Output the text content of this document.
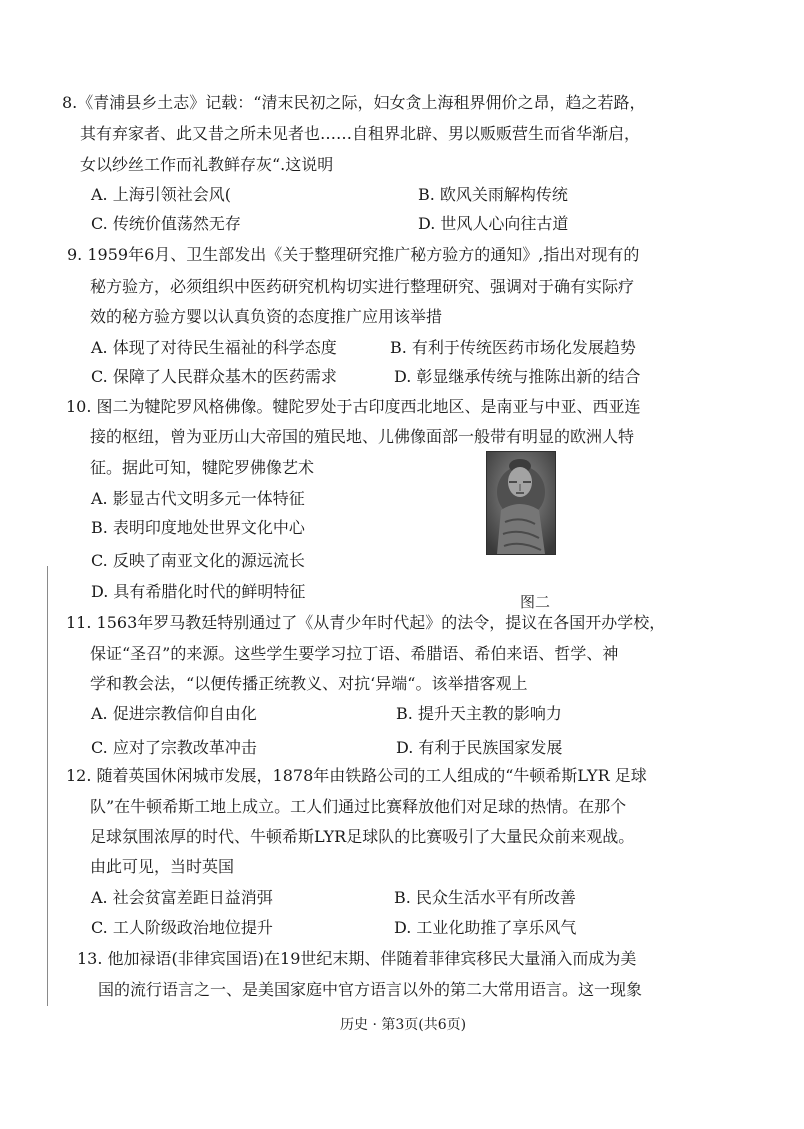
8.《青浦县乡土志》记载：“清末民初之际，妇女贪上海租界佣价之昂，趋之若路，
其有弃家者、此又昔之所未见者也……自租界北辟、男以贩贩营生而省华渐启，
女以纱丝工作而礼教鲜存灰“.这说明
A. 上海引领社会风(	B. 欧风关雨解构传统
C. 传统价值荡然无存	D. 世风人心向往古道
9. 1959年6月、卫生部发出《关于整理研究推广秘方验方的通知》,指出对现有的
秘方验方，必须组织中医药研究机构切实进行整理研究、强调对于确有实际疗
效的秘方验方婴以认真负资的态度推广应用该举措
A. 体现了对待民生福祉的科学态度	B. 有利于传统医药市场化发展趋势
C. 保障了人民群众基木的医药需求	D. 彰显继承传统与推陈出新的结合
10. 图二为犍陀罗风格佛像。犍陀罗处于古印度西北地区、是南亚与中亚、西亚连
接的枢纽，曾为亚历山大帝国的殖民地、儿佛像面部一般带有明显的欧洲人特
征。据此可知，犍陀罗佛像艺术
A. 影显古代文明多元一体特征
B. 表明印度地处世界文化中心
C. 反映了南亚文化的源远流长
D. 具有希腊化时代的鲜明特征
图二
11. 1563年罗马教廷特别通过了《从青少年时代起》的法令，提议在各国开办学校，
保证“圣召”的来源。这些学生要学习拉丁语、希腊语、希伯来语、哲学、神
学和教会法，“以便传播正统教义、对抗‘异端“。该举措客观上
A. 促进宗教信仰自由化	B. 提升天主教的影响力
C. 应对了宗教改革冲击	D. 有利于民族国家发展
12. 随着英国休闲城市发展，1878年由铁路公司的工人组成的“牛顿希斯LYR 足球
队”在牛顿希斯工地上成立。工人们通过比赛释放他们对足球的热情。在那个
足球氛围浓厚的时代、牛顿希斯LYR足球队的比赛吸引了大量民众前来观战。
由此可见，当时英国
A. 社会贫富差距日益消弭	B. 民众生活水平有所改善
C. 工人阶级政治地位提升	D. 工业化助推了享乐风气
13. 他加禄语(非律宾国语)在19世纪末期、伴随着菲律宾移民大量涌入而成为美
国的流行语言之一、是美国家庭中官方语言以外的第二大常用语言。这一现象
历史 · 第3页(共6页)
